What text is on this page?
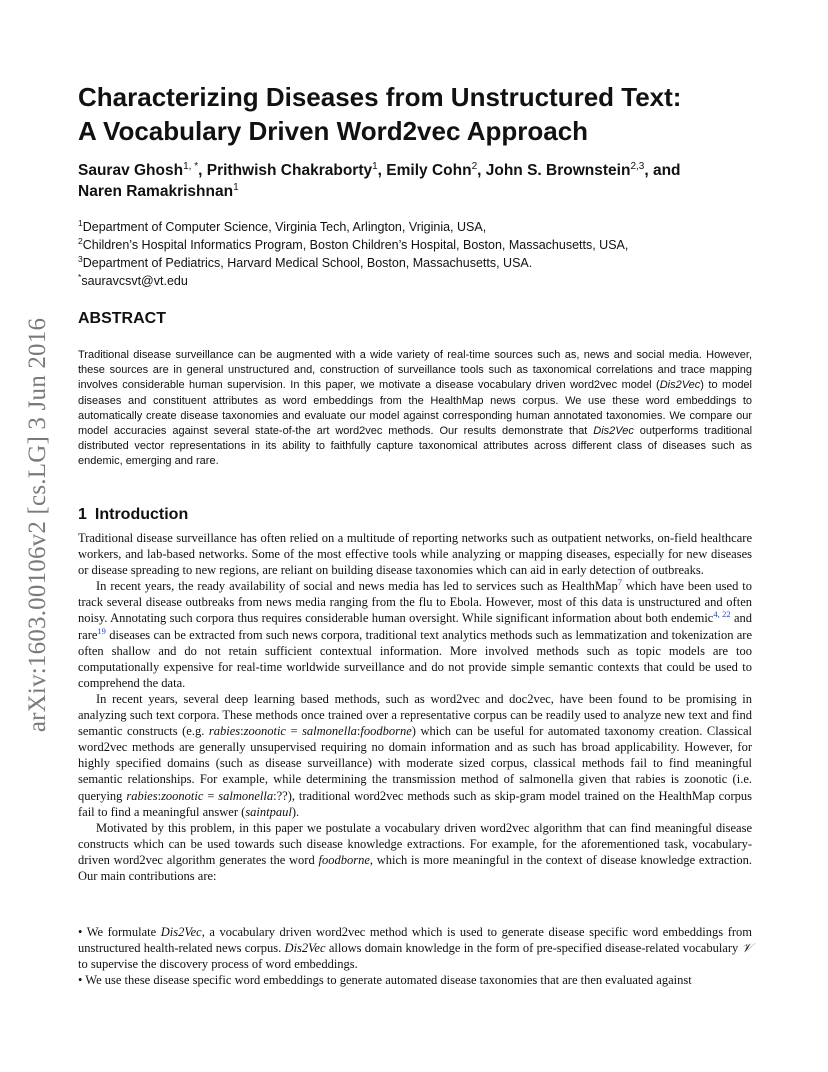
arXiv:1603.00106v2 [cs.LG] 3 Jun 2016
Characterizing Diseases from Unstructured Text:
A Vocabulary Driven Word2vec Approach

Saurav Ghosh$^{1, *}$, Prithwish Chakraborty$^1$, Emily Cohn$^2$, John S. Brownstein$^{2,3}$, and
Naren Ramakrishnan$^1$

$^1$Department of Computer Science, Virginia Tech, Arlington, Vriginia, USA,
$^2$Children’s Hospital Informatics Program, Boston Children’s Hospital, Boston, Massachusetts, USA,
$^3$Department of Pediatrics, Harvard Medical School, Boston, Massachusetts, USA.
*sauravcsvt@vt.edu
ABSTRACT

Traditional disease surveillance can be augmented with a wide variety of real-time sources such as, news and social media. However, these sources are in general unstructured and, construction of surveillance tools such as taxonomical correlations and trace mapping involves considerable human supervision. In this paper, we motivate a disease vocabulary driven word2vec model (Dis2Vec) to model diseases and constituent attributes as word embeddings from the HealthMap news corpus. We use these word embeddings to automatically create disease taxonomies and evaluate our model against corresponding human annotated taxonomies. We compare our model accuracies against several state-of-the art word2vec methods. Our results demonstrate that Dis2Vec outperforms traditional distributed vector representations in its ability to faithfully capture taxonomical attributes across different class of diseases such as endemic, emerging and rare.

1 Introduction

Traditional disease surveillance has often relied on a multitude of reporting networks such as outpatient networks, on-field healthcare workers, and lab-based networks. Some of the most effective tools while analyzing or mapping diseases, especially for new diseases or disease spreading to new regions, are reliant on building disease taxonomies which can aid in early detection of outbreaks.

In recent years, the ready availability of social and news media has led to services such as HealthMap$^7$ which have been used to track several disease outbreaks from news media ranging from the flu to Ebola. However, most of this data is unstructured and often noisy. Annotating such corpora thus requires considerable human oversight. While significant information about both endemic$^{4, 22}$ and rare$^{19}$ diseases can be extracted from such news corpora, traditional text analytics methods such as lemmatization and tokenization are often shallow and do not retain sufficient contextual information. More involved methods such as topic models are too computationally expensive for real-time worldwide surveillance and do not provide simple semantic contexts that could be used to comprehend the data.

In recent years, several deep learning based methods, such as word2vec and doc2vec, have been found to be promising in analyzing such text corpora. These methods once trained over a representative corpus can be readily used to analyze new text and find semantic constructs (e.g. rabies:zoonotic = salmonella:foodborne) which can be useful for automated taxonomy creation. Classical word2vec methods are generally unsupervised requiring no domain information and as such has broad applicability. However, for highly specified domains (such as disease surveillance) with moderate sized corpus, classical methods fail to find meaningful semantic relationships. For example, while determining the transmission method of salmonella given that rabies is zoonotic (i.e. querying rabies:zoonotic = salmonella:??), traditional word2vec methods such as skip-gram model trained on the HealthMap corpus fail to find a meaningful answer (saintpaul).

Motivated by this problem, in this paper we postulate a vocabulary driven word2vec algorithm that can find meaningful disease constructs which can be used towards such disease knowledge extractions. For example, for the aforementioned task, vocabulary-driven word2vec algorithm generates the word foodborne, which is more meaningful in the context of disease knowledge extraction. Our main contributions are:

• We formulate Dis2Vec, a vocabulary driven word2vec method which is used to generate disease specific word embeddings from unstructured health-related news corpus. Dis2Vec allows domain knowledge in the form of pre-specified disease-related vocabulary 𝒱 to supervise the discovery process of word embeddings.

• We use these disease specific word embeddings to generate automated disease taxonomies that are then evaluated against
